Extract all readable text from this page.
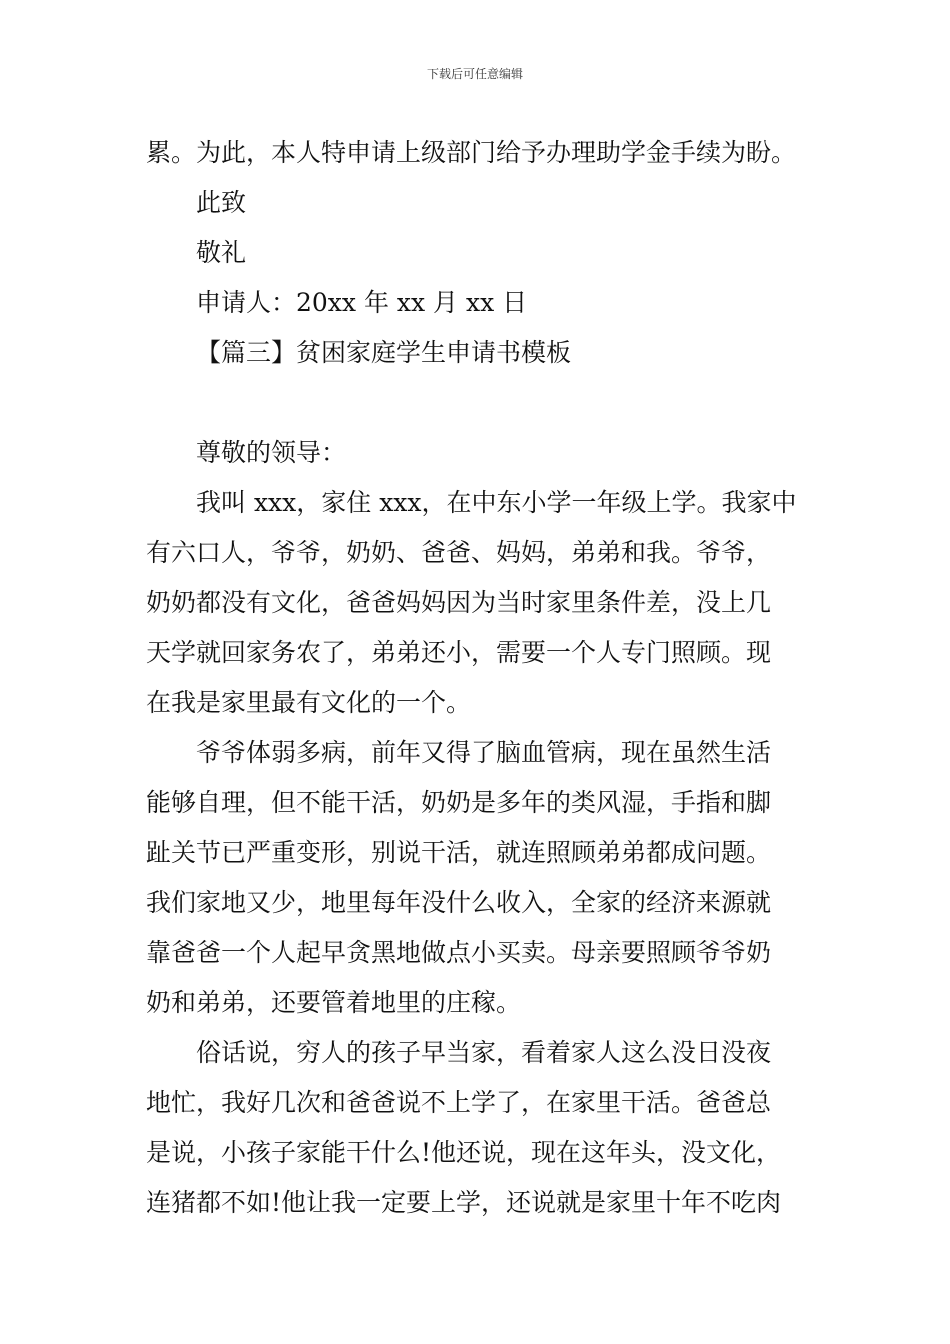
下载后可任意编辑
累。为此，本人特申请上级部门给予办理助学金手续为盼。
此致
敬礼
申请人：20xx 年 xx 月 xx 日
【篇三】贫困家庭学生申请书模板
尊敬的领导：
我叫 xxx，家住 xxx，在中东小学一年级上学。我家中
有六口人，爷爷，奶奶、爸爸、妈妈，弟弟和我。爷爷，
奶奶都没有文化，爸爸妈妈因为当时家里条件差，没上几
天学就回家务农了，弟弟还小，需要一个人专门照顾。现
在我是家里最有文化的一个。
爷爷体弱多病，前年又得了脑血管病，现在虽然生活
能够自理，但不能干活，奶奶是多年的类风湿，手指和脚
趾关节已严重变形，别说干活，就连照顾弟弟都成问题。
我们家地又少，地里每年没什么收入，全家的经济来源就
靠爸爸一个人起早贪黑地做点小买卖。母亲要照顾爷爷奶
奶和弟弟，还要管着地里的庄稼。
俗话说，穷人的孩子早当家，看着家人这么没日没夜
地忙，我好几次和爸爸说不上学了，在家里干活。爸爸总
是说，小孩子家能干什么!他还说，现在这年头，没文化，
连猪都不如!他让我一定要上学，还说就是家里十年不吃肉
